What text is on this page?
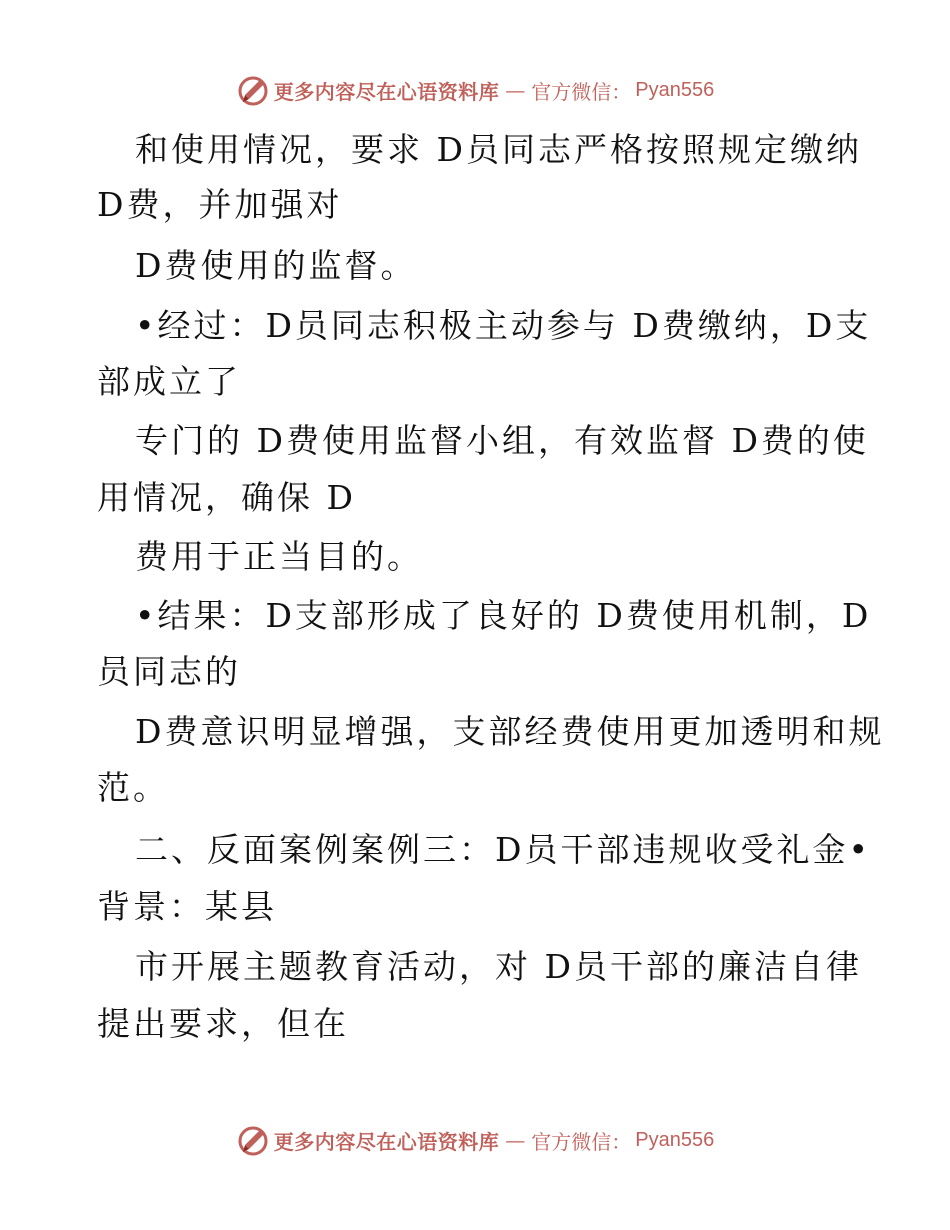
更多内容尽在心语资料库 — 官方微信： Pyan556
和使用情况，要求 D员同志严格按照规定缴纳
D费，并加强对
D费使用的监督。
•经过：D员同志积极主动参与 D费缴纳，D支
部成立了
专门的 D费使用监督小组，有效监督 D费的使
用情况，确保 D
费用于正当目的。
•结果：D支部形成了良好的 D费使用机制，D
员同志的
D费意识明显增强，支部经费使用更加透明和规
范。
二、反面案例案例三：D员干部违规收受礼金•
背景：某县
市开展主题教育活动，对 D员干部的廉洁自律
提出要求，但在
更多内容尽在心语资料库 — 官方微信： Pyan556
